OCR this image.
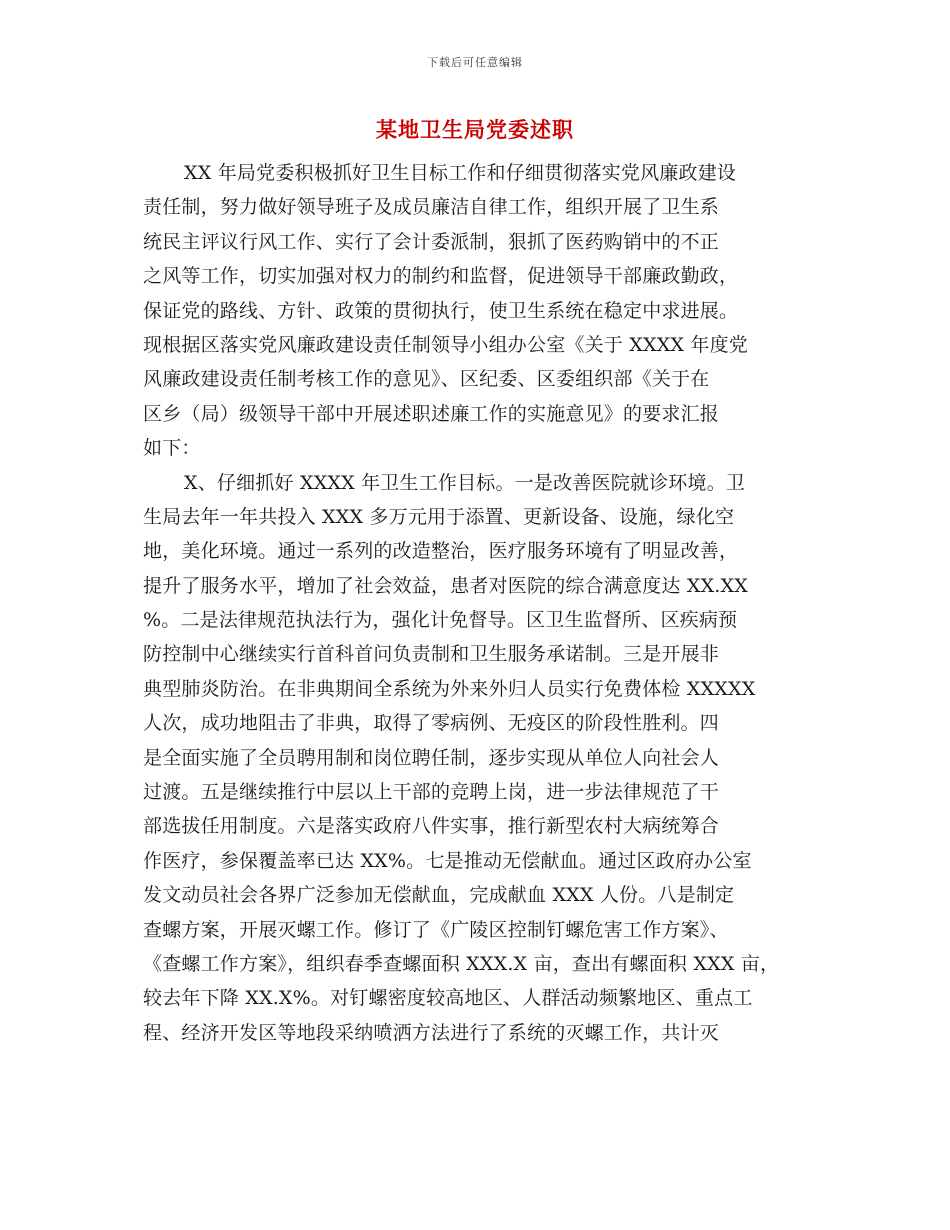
下载后可任意编辑
某地卫生局党委述职
XX 年局党委积极抓好卫生目标工作和仔细贯彻落实党风廉政建设
责任制，努力做好领导班子及成员廉洁自律工作，组织开展了卫生系
统民主评议行风工作、实行了会计委派制，狠抓了医药购销中的不正
之风等工作，切实加强对权力的制约和监督，促进领导干部廉政勤政，
保证党的路线、方针、政策的贯彻执行，使卫生系统在稳定中求进展。
现根据区落实党风廉政建设责任制领导小组办公室《关于 XXXX 年度党
风廉政建设责任制考核工作的意见》、区纪委、区委组织部《关于在
区乡（局）级领导干部中开展述职述廉工作的实施意见》的要求汇报
如下：
X、仔细抓好 XXXX 年卫生工作目标。一是改善医院就诊环境。卫
生局去年一年共投入 XXX 多万元用于添置、更新设备、设施，绿化空
地，美化环境。通过一系列的改造整治，医疗服务环境有了明显改善，
提升了服务水平，增加了社会效益，患者对医院的综合满意度达 XX.XX
%。二是法律规范执法行为，强化计免督导。区卫生监督所、区疾病预
防控制中心继续实行首科首问负责制和卫生服务承诺制。三是开展非
典型肺炎防治。在非典期间全系统为外来外归人员实行免费体检 XXXXX
人次，成功地阻击了非典，取得了零病例、无疫区的阶段性胜利。四
是全面实施了全员聘用制和岗位聘任制，逐步实现从单位人向社会人
过渡。五是继续推行中层以上干部的竞聘上岗，进一步法律规范了干
部选拔任用制度。六是落实政府八件实事，推行新型农村大病统筹合
作医疗，参保覆盖率已达 XX%。七是推动无偿献血。通过区政府办公室
发文动员社会各界广泛参加无偿献血，完成献血 XXX 人份。八是制定
查螺方案，开展灭螺工作。修订了《广陵区控制钉螺危害工作方案》、
《查螺工作方案》，组织春季查螺面积 XXX.X 亩，查出有螺面积 XXX 亩，
较去年下降 XX.X%。对钉螺密度较高地区、人群活动频繁地区、重点工
程、经济开发区等地段采纳喷洒方法进行了系统的灭螺工作，共计灭
